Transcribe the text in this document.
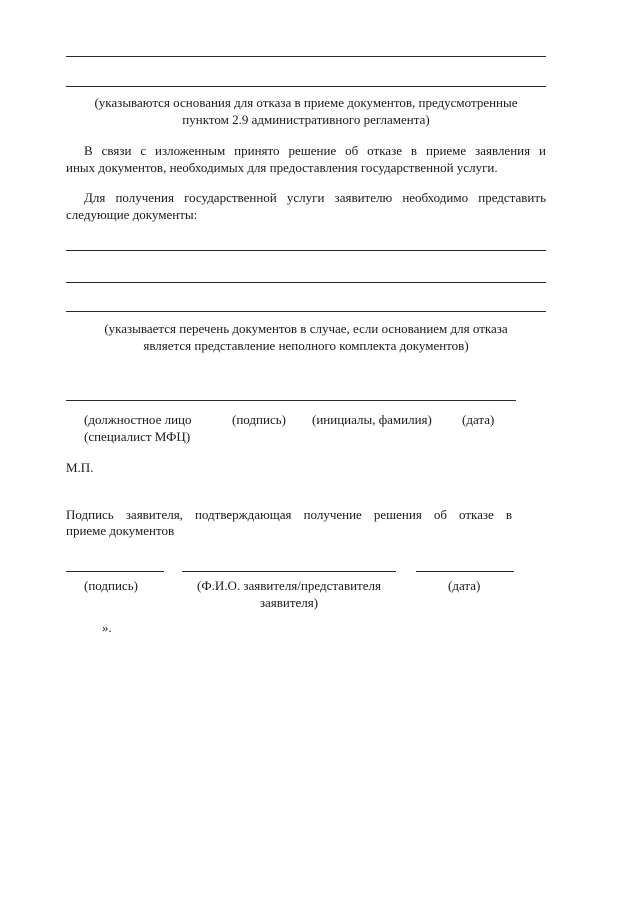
(указываются основания для отказа в приеме документов, предусмотренные
пунктом 2.9 административного регламента)
В связи с изложенным принято решение об отказе в приеме заявления и
иных документов, необходимых для предоставления государственной услуги.
Для получения государственной услуги заявителю необходимо представить
следующие документы:
(указывается перечень документов в случае, если основанием для отказа
является представление неполного комплекта документов)
(должностное лицо
(специалист МФЦ)
(подпись) (инициалы, фамилия) (дата)
М.П.
Подпись заявителя, подтверждающая получение решения об отказе в
приеме документов
(подпись)	(Ф.И.О. заявителя/представителя
заявителя)
(дата)
».
